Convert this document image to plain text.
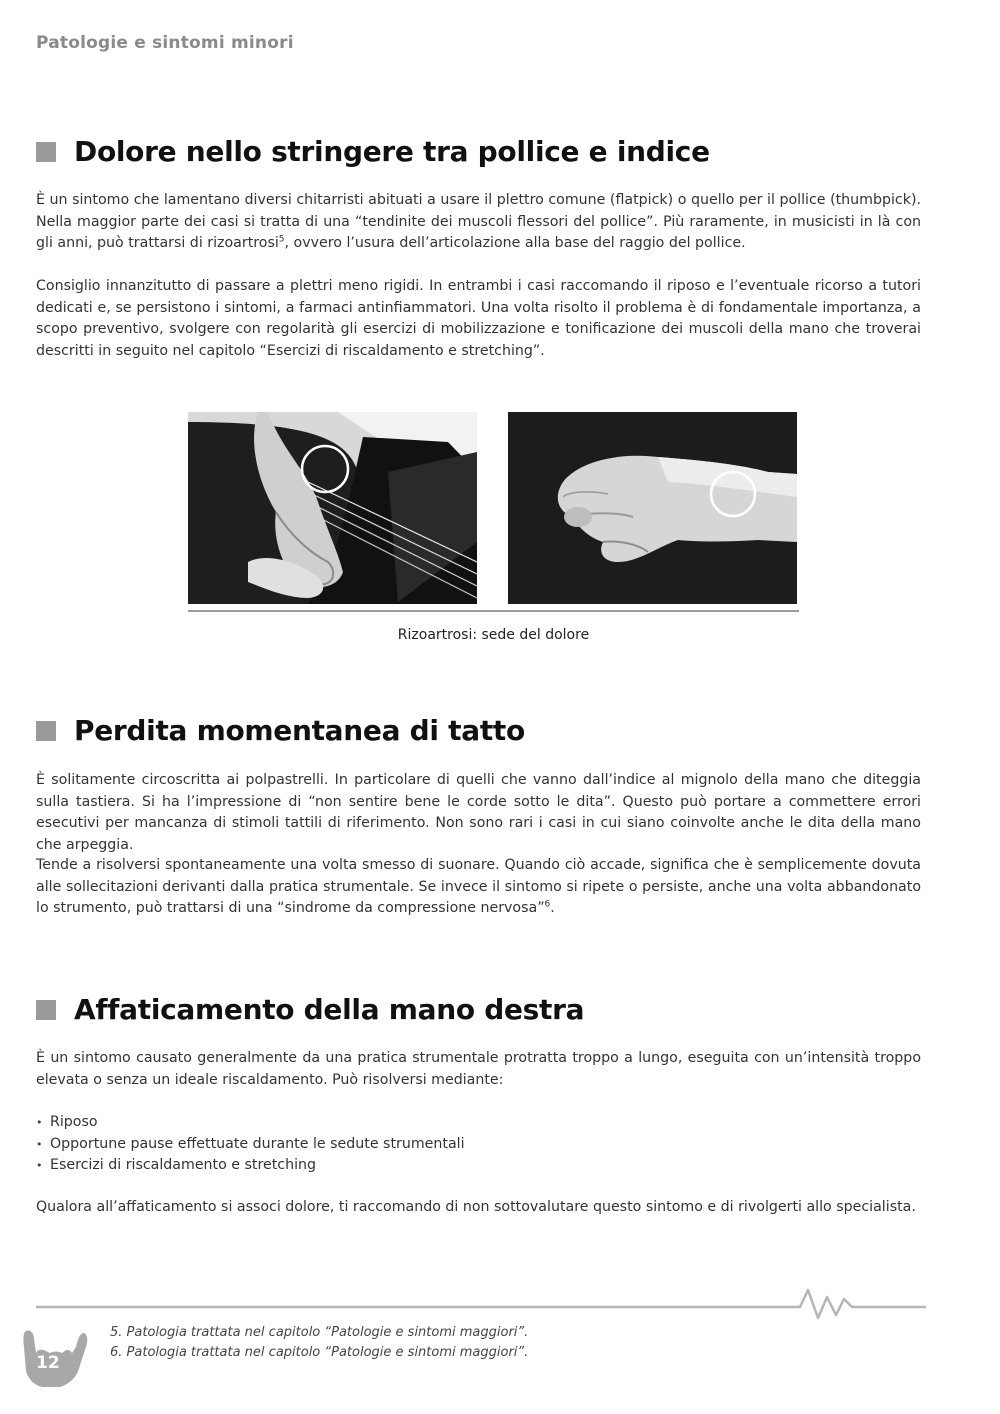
Patologie e sintomi minori
Dolore nello stringere tra pollice e indice

È un sintomo che lamentano diversi chitarristi abituati a usare il plettro comune (flatpick) o quello per il pollice (thumbpick). Nella maggior parte dei casi si tratta di una “tendinite dei muscoli flessori del pollice”. Più raramente, in musicisti in là con gli anni, può trattarsi di rizoartrosi$^5$, ovvero l’usura dell’articolazione alla base del raggio del pollice.

Consiglio innanzitutto di passare a plettri meno rigidi. In entrambi i casi raccomando il riposo e l’eventuale ricorso a tutori dedicati e, se persistono i sintomi, a farmaci antinfiammatori. Una volta risolto il problema è di fondamentale importanza, a scopo preventivo, svolgere con regolarità gli esercizi di mobilizzazione e tonificazione dei muscoli della mano che troverai descritti in seguito nel capitolo “Esercizi di riscaldamento e stretching”.

Rizoartrosi: sede del dolore
Perdita momentanea di tatto

È solitamente circoscritta ai polpastrelli. In particolare di quelli che vanno dall’indice al mignolo della mano che diteggia sulla tastiera. Si ha l’impressione di “non sentire bene le corde sotto le dita”. Questo può portare a commettere errori esecutivi per mancanza di stimoli tattili di riferimento. Non sono rari i casi in cui siano coinvolte anche le dita della mano che arpeggia.

Tende a risolversi spontaneamente una volta smesso di suonare. Quando ciò accade, significa che è semplicemente dovuta alle sollecitazioni derivanti dalla pratica strumentale. Se invece il sintomo si ripete o persiste, anche una volta abbandonato lo strumento, può trattarsi di una “sindrome da compressione nervosa”$^6$.

Affaticamento della mano destra

È un sintomo causato generalmente da una pratica strumentale protratta troppo a lungo, eseguita con un’intensità troppo elevata o senza un ideale riscaldamento. Può risolversi mediante:

• Riposo
• Opportune pause effettuate durante le sedute strumentali
• Esercizi di riscaldamento e stretching

Qualora all’affaticamento si associ dolore, ti raccomando di non sottovalutare questo sintomo e di rivolgerti allo specialista.

5. Patologia trattata nel capitolo “Patologie e sintomi maggiori”.
6. Patologia trattata nel capitolo “Patologie e sintomi maggiori”.
12
